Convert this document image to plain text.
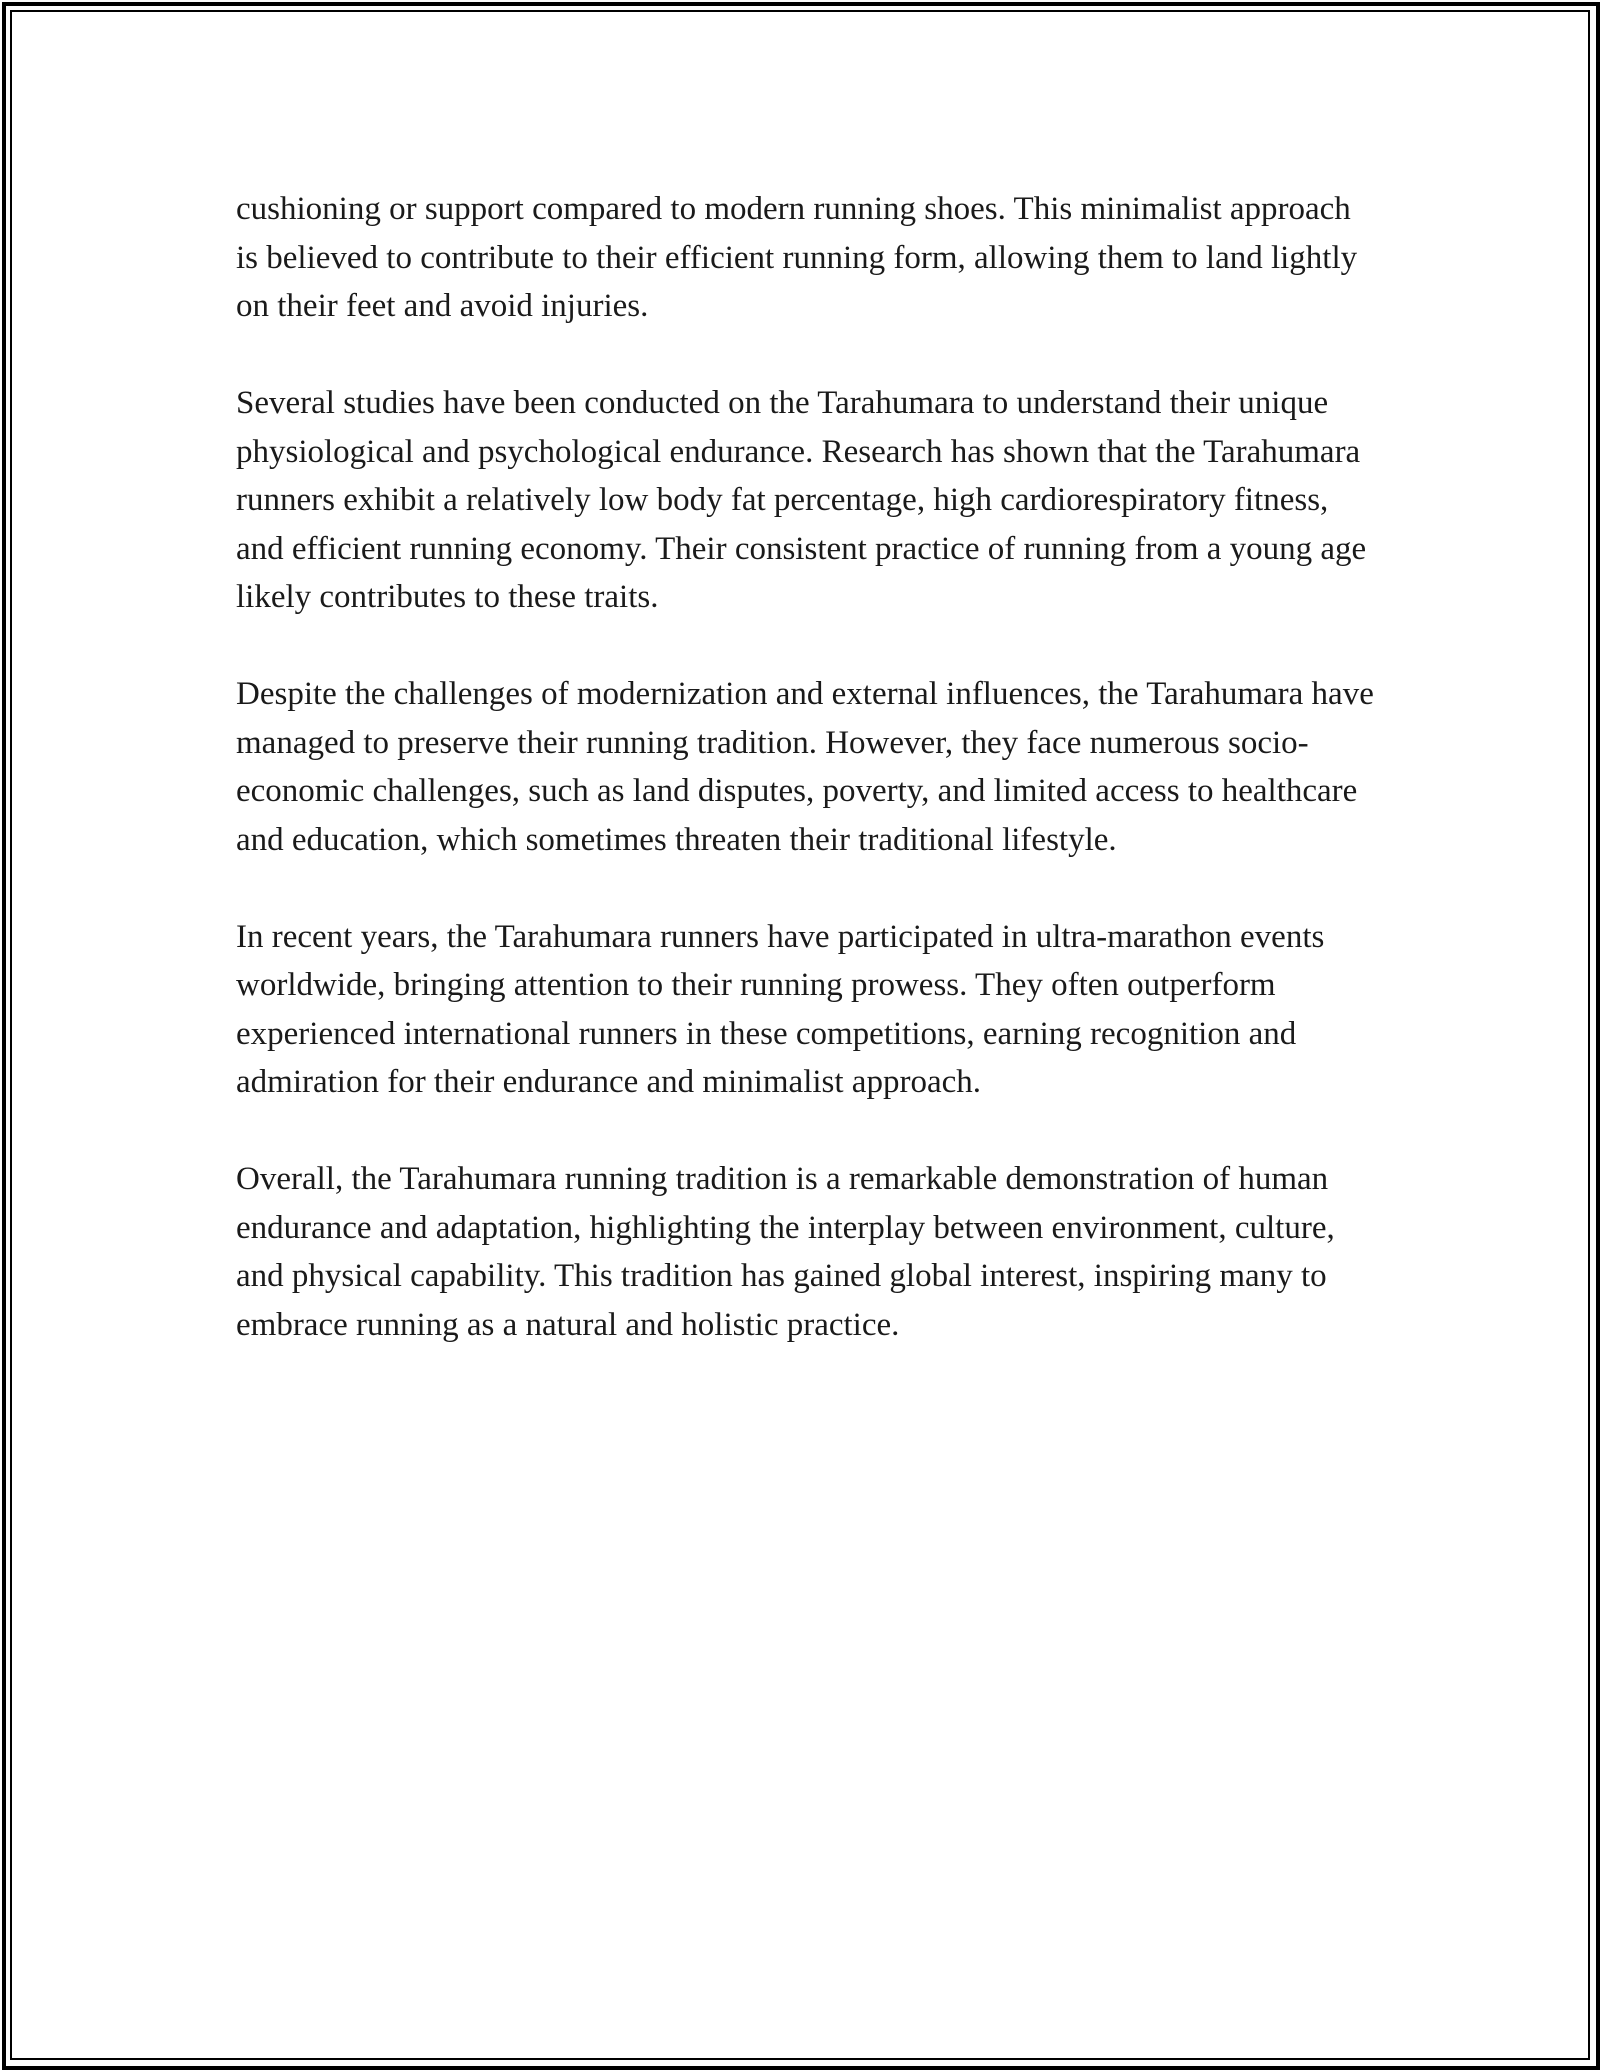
cushioning or support compared to modern running shoes. This minimalist approach is believed to contribute to their efficient running form, allowing them to land lightly on their feet and avoid injuries.

Several studies have been conducted on the Tarahumara to understand their unique physiological and psychological endurance. Research has shown that the Tarahumara runners exhibit a relatively low body fat percentage, high cardiorespiratory fitness, and efficient running economy. Their consistent practice of running from a young age likely contributes to these traits.

Despite the challenges of modernization and external influences, the Tarahumara have managed to preserve their running tradition. However, they face numerous socio-economic challenges, such as land disputes, poverty, and limited access to healthcare and education, which sometimes threaten their traditional lifestyle.

In recent years, the Tarahumara runners have participated in ultra-marathon events worldwide, bringing attention to their running prowess. They often outperform experienced international runners in these competitions, earning recognition and admiration for their endurance and minimalist approach.

Overall, the Tarahumara running tradition is a remarkable demonstration of human endurance and adaptation, highlighting the interplay between environment, culture, and physical capability. This tradition has gained global interest, inspiring many to embrace running as a natural and holistic practice.
